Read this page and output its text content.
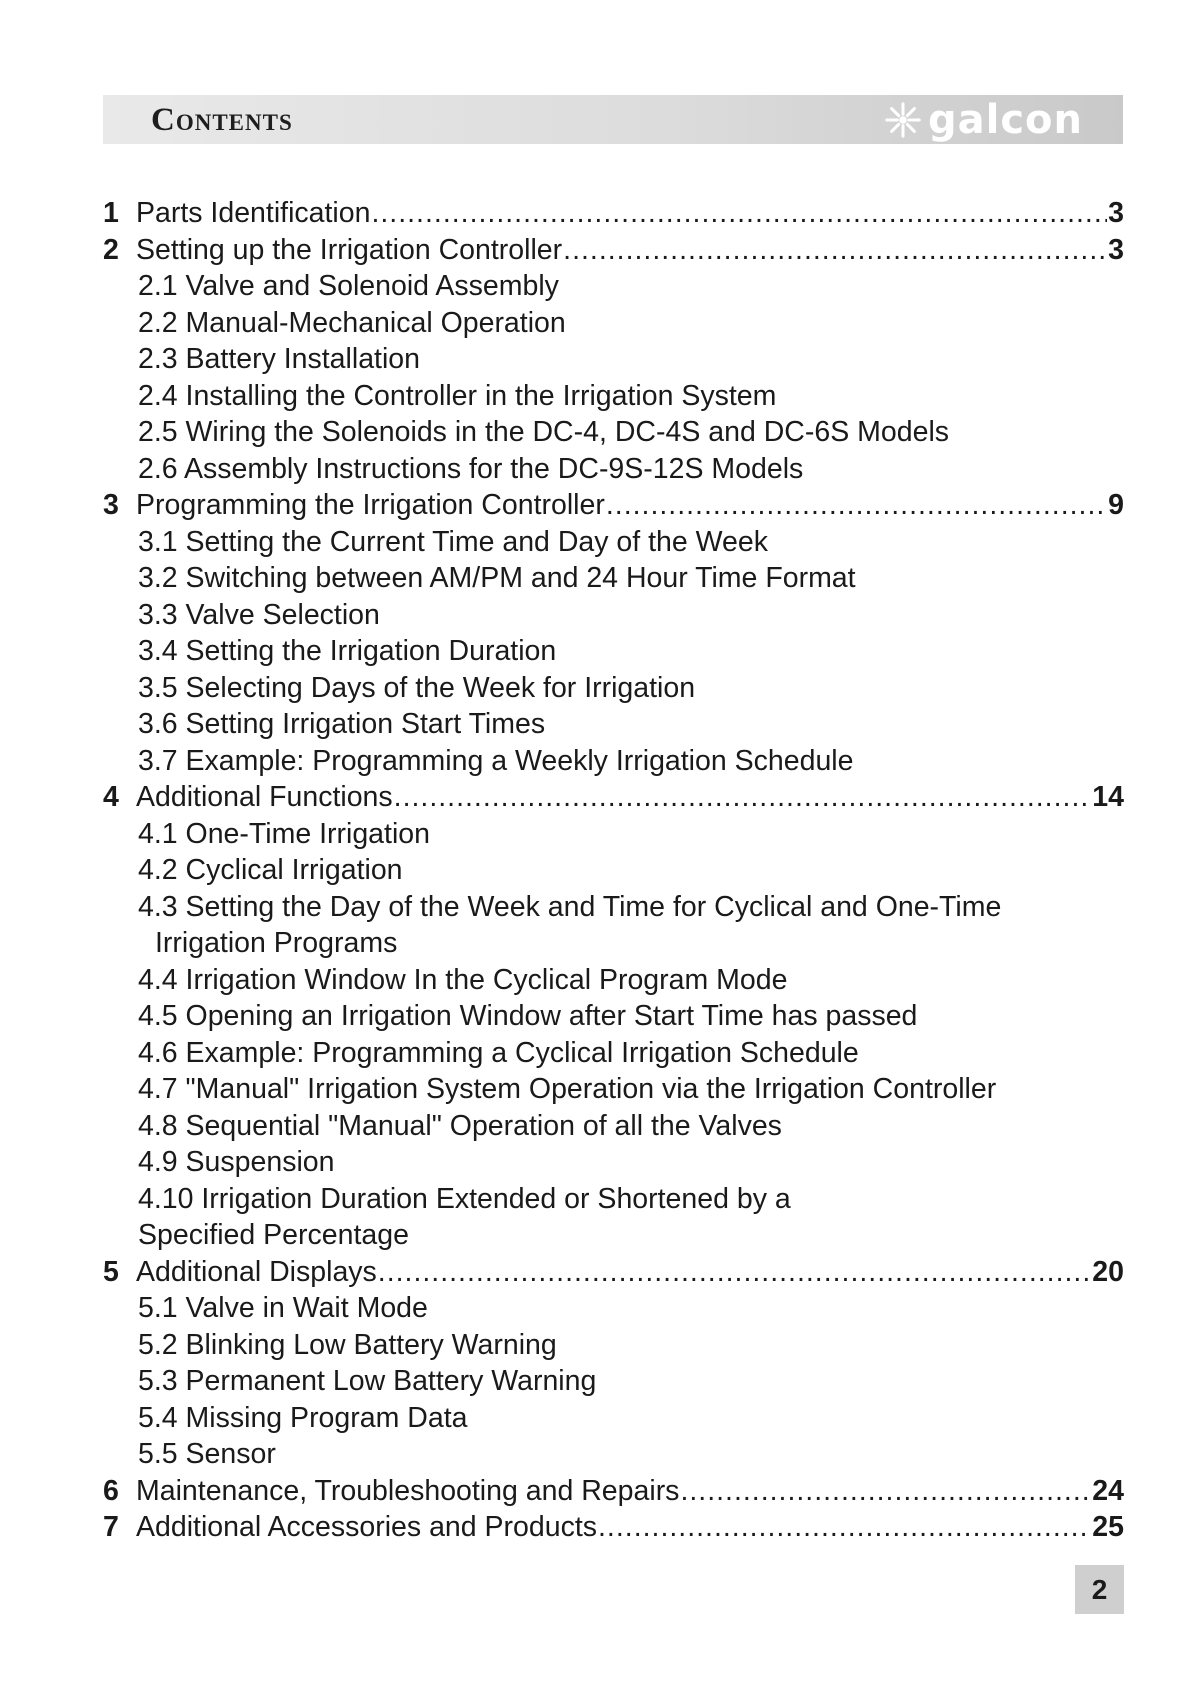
Contents	galcon
1 Parts Identification .....	3
2 Setting up the Irrigation Controller .....	3
2.1 Valve and Solenoid Assembly
2.2 Manual-Mechanical Operation
2.3 Battery Installation
2.4 Installing the Controller in the Irrigation System
2.5 Wiring the Solenoids in the DC-4, DC-4S and DC-6S Models
2.6 Assembly Instructions for the DC-9S-12S Models
3 Programming the Irrigation Controller .....	9
3.1 Setting the Current Time and Day of the Week
3.2 Switching between AM/PM and 24 Hour Time Format
3.3 Valve Selection
3.4 Setting the Irrigation Duration
3.5 Selecting Days of the Week for Irrigation
3.6 Setting Irrigation Start Times
3.7 Example: Programming a Weekly Irrigation Schedule
4 Additional Functions .....	14
4.1 One-Time Irrigation
4.2 Cyclical Irrigation
4.3 Setting the Day of the Week and Time for Cyclical and One-Time
Irrigation Programs
4.4 Irrigation Window In the Cyclical Program Mode
4.5 Opening an Irrigation Window after Start Time has passed
4.6 Example: Programming a Cyclical Irrigation Schedule
4.7 "Manual" Irrigation System Operation via the Irrigation Controller
4.8 Sequential "Manual" Operation of all the Valves
4.9 Suspension
4.10 Irrigation Duration Extended or Shortened by a
Specified Percentage
5 Additional Displays .....	20
5.1 Valve in Wait Mode
5.2 Blinking Low Battery Warning
5.3 Permanent Low Battery Warning
5.4 Missing Program Data
5.5 Sensor
6 Maintenance, Troubleshooting and Repairs .....	24
7 Additional Accessories and Products .....	25
2
